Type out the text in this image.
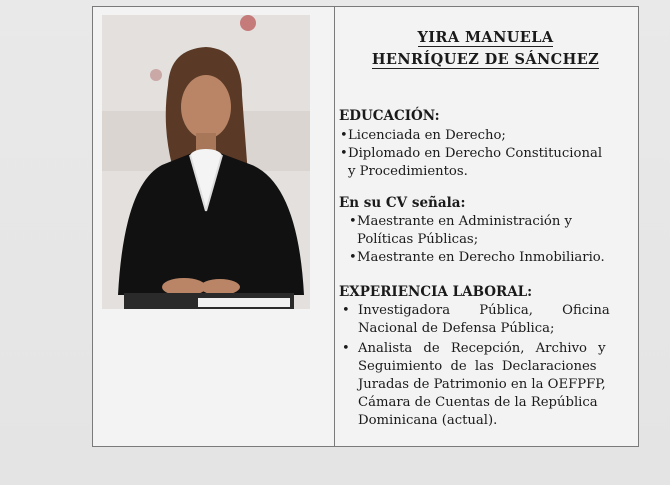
YIRA MANUELA
HENRÍQUEZ DE SÁNCHEZ
EDUCACIÓN:
• Licenciada en Derecho;
• Diplomado en Derecho Constitucional
y Procedimientos.
En su CV señala:
• Maestrante en Administración y
Políticas Públicas;
• Maestrante en Derecho Inmobiliario.
EXPERIENCIA LABORAL:
• Investigadora Pública, Oficina
Nacional de Defensa Pública;
• Analista de Recepción, Archivo y
Seguimiento de las Declaraciones
Juradas de Patrimonio en la OEFPFP,
Cámara de Cuentas de la República
Dominicana (actual).
